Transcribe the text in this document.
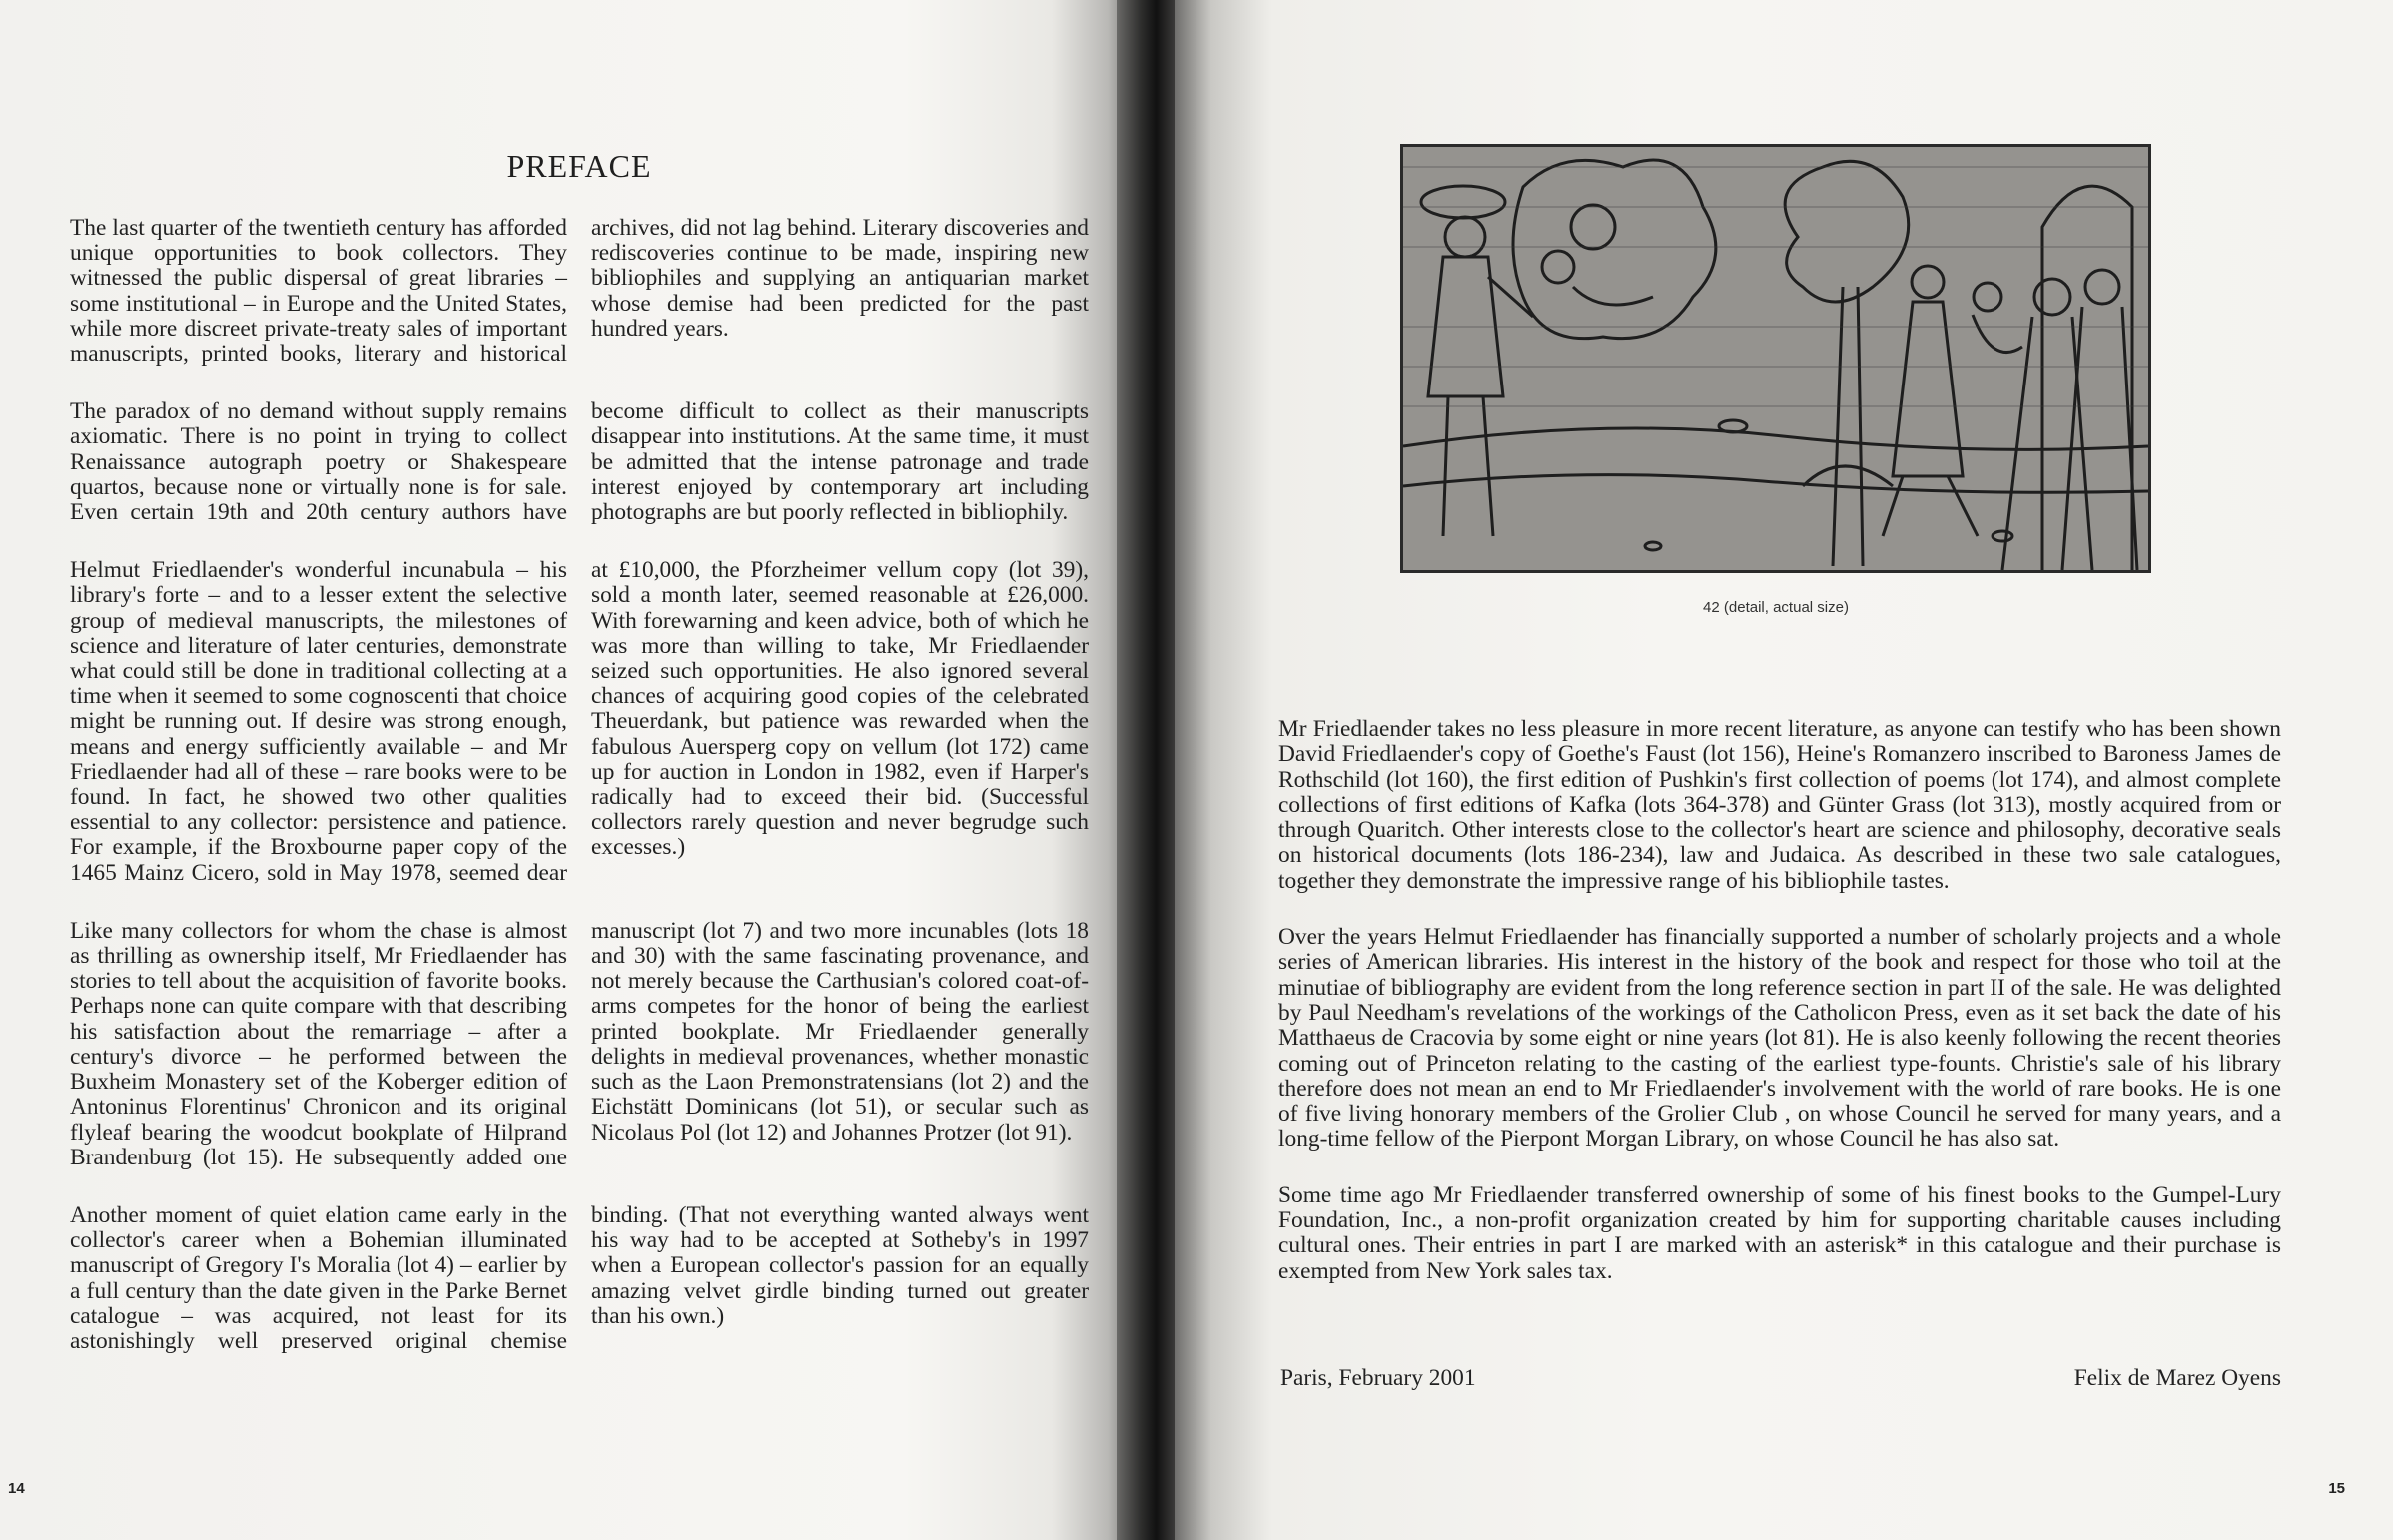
PREFACE

The last quarter of the twentieth century has afforded unique opportunities to book collectors. They witnessed the public dispersal of great libraries – some institutional – in Europe and the United States, while more discreet private-treaty sales of important manuscripts, printed books, literary and historical archives, did not lag behind. Literary discoveries and rediscoveries continue to be made, inspiring new bibliophiles and supplying an antiquarian market whose demise had been predicted for the past hundred years.

The paradox of no demand without supply remains axiomatic. There is no point in trying to collect Renaissance autograph poetry or Shakespeare quartos, because none or virtually none is for sale. Even certain 19th and 20th century authors have become difficult to collect as their manuscripts disappear into institutions. At the same time, it must be admitted that the intense patronage and trade interest enjoyed by contemporary art including photographs are but poorly reflected in bibliophily.

Helmut Friedlaender's wonderful incunabula – his library's forte – and to a lesser extent the selective group of medieval manuscripts, the milestones of science and literature of later centuries, demonstrate what could still be done in traditional collecting at a time when it seemed to some cognoscenti that choice might be running out. If desire was strong enough, means and energy sufficiently available – and Mr Friedlaender had all of these – rare books were to be found. In fact, he showed two other qualities essential to any collector: persistence and patience. For example, if the Broxbourne paper copy of the 1465 Mainz Cicero, sold in May 1978, seemed dear at £10,000, the Pforzheimer vellum copy (lot 39), sold a month later, seemed reasonable at £26,000. With forewarning and keen advice, both of which he was more than willing to take, Mr Friedlaender seized such opportunities. He also ignored several chances of acquiring good copies of the celebrated Theuerdank, but patience was rewarded when the fabulous Auersperg copy on vellum (lot 172) came up for auction in London in 1982, even if Harper's radically had to exceed their bid. (Successful collectors rarely question and never begrudge such excesses.)

Like many collectors for whom the chase is almost as thrilling as ownership itself, Mr Friedlaender has stories to tell about the acquisition of favorite books. Perhaps none can quite compare with that describing his satisfaction about the remarriage – after a century's divorce – he performed between the Buxheim Monastery set of the Koberger edition of Antoninus Florentinus' Chronicon and its original flyleaf bearing the woodcut bookplate of Hilprand Brandenburg (lot 15). He subsequently added one manuscript (lot 7) and two more incunables (lots 18 and 30) with the same fascinating provenance, and not merely because the Carthusian's colored coat-of-arms competes for the honor of being the earliest printed bookplate. Mr Friedlaender generally delights in medieval provenances, whether monastic such as the Laon Premonstratensians (lot 2) and the Eichstätt Dominicans (lot 51), or secular such as Nicolaus Pol (lot 12) and Johannes Protzer (lot 91).

Another moment of quiet elation came early in the collector's career when a Bohemian illuminated manuscript of Gregory I's Moralia (lot 4) – earlier by a full century than the date given in the Parke Bernet catalogue – was acquired, not least for its astonishingly well preserved original chemise binding. (That not everything wanted always went his way had to be accepted at Sotheby's in 1997 when a European collector's passion for an equally amazing velvet girdle binding turned out greater than his own.)

14	15
42 (detail, actual size)

Mr Friedlaender takes no less pleasure in more recent literature, as anyone can testify who has been shown David Friedlaender's copy of Goethe's Faust (lot 156), Heine's Romanzero inscribed to Baroness James de Rothschild (lot 160), the first edition of Pushkin's first collection of poems (lot 174), and almost complete collections of first editions of Kafka (lots 364-378) and Günter Grass (lot 313), mostly acquired from or through Quaritch. Other interests close to the collector's heart are science and philosophy, decorative seals on historical documents (lots 186-234), law and Judaica. As described in these two sale catalogues, together they demonstrate the impressive range of his bibliophile tastes.

Over the years Helmut Friedlaender has financially supported a number of scholarly projects and a whole series of American libraries. His interest in the history of the book and respect for those who toil at the minutiae of bibliography are evident from the long reference section in part II of the sale. He was delighted by Paul Needham's revelations of the workings of the Catholicon Press, even as it set back the date of his Matthaeus de Cracovia by some eight or nine years (lot 81). He is also keenly following the recent theories coming out of Princeton relating to the casting of the earliest type-founts. Christie's sale of his library therefore does not mean an end to Mr Friedlaender's involvement with the world of rare books. He is one of five living honorary members of the Grolier Club , on whose Council he served for many years, and a long-time fellow of the Pierpont Morgan Library, on whose Council he has also sat.

Some time ago Mr Friedlaender transferred ownership of some of his finest books to the Gumpel-Lury Foundation, Inc., a non-profit organization created by him for supporting charitable causes including cultural ones. Their entries in part I are marked with an asterisk* in this catalogue and their purchase is exempted from New York sales tax.

Paris, February 2001	Felix de Marez Oyens
